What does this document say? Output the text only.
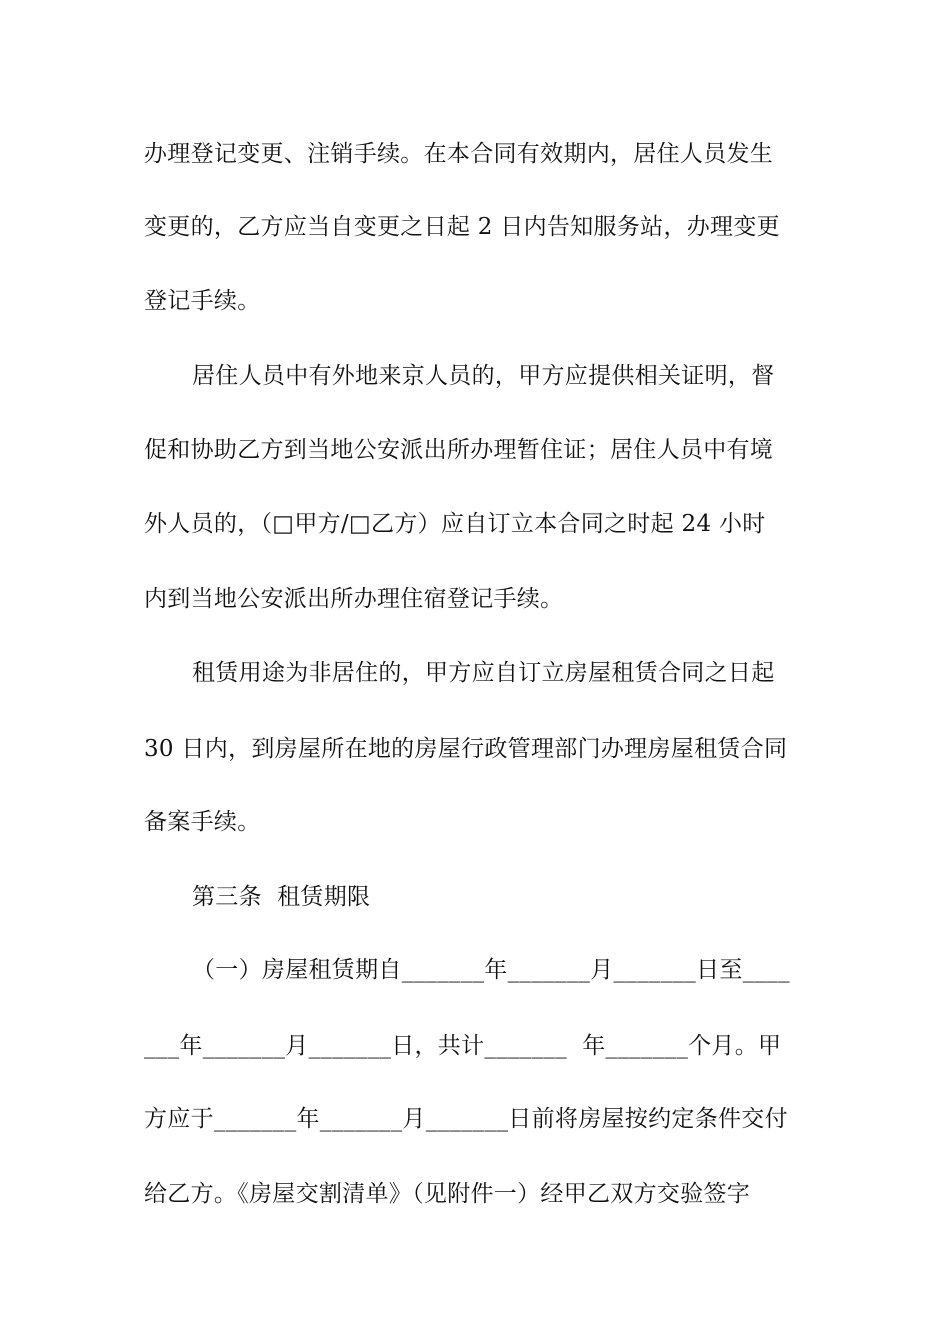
办理登记变更、注销手续。在本合同有效期内，居住人员发生
变更的，乙方应当自变更之日起 2 日内告知服务站，办理变更
登记手续。
居住人员中有外地来京人员的，甲方应提供相关证明，督
促和协助乙方到当地公安派出所办理暂住证；居住人员中有境
外人员的，（□甲方/□乙方）应自订立本合同之时起 24 小时
内到当地公安派出所办理住宿登记手续。
租赁用途为非居住的，甲方应自订立房屋租赁合同之日起
30 日内，到房屋所在地的房屋行政管理部门办理房屋租赁合同
备案手续。
第三条  租赁期限
（一）房屋租赁期自_______年_______月_______日至____
___年_______月_______日，共计_______  年_______个月。甲
方应于_______年_______月_______日前将房屋按约定条件交付
给乙方。《房屋交割清单》（见附件一）经甲乙双方交验签字
